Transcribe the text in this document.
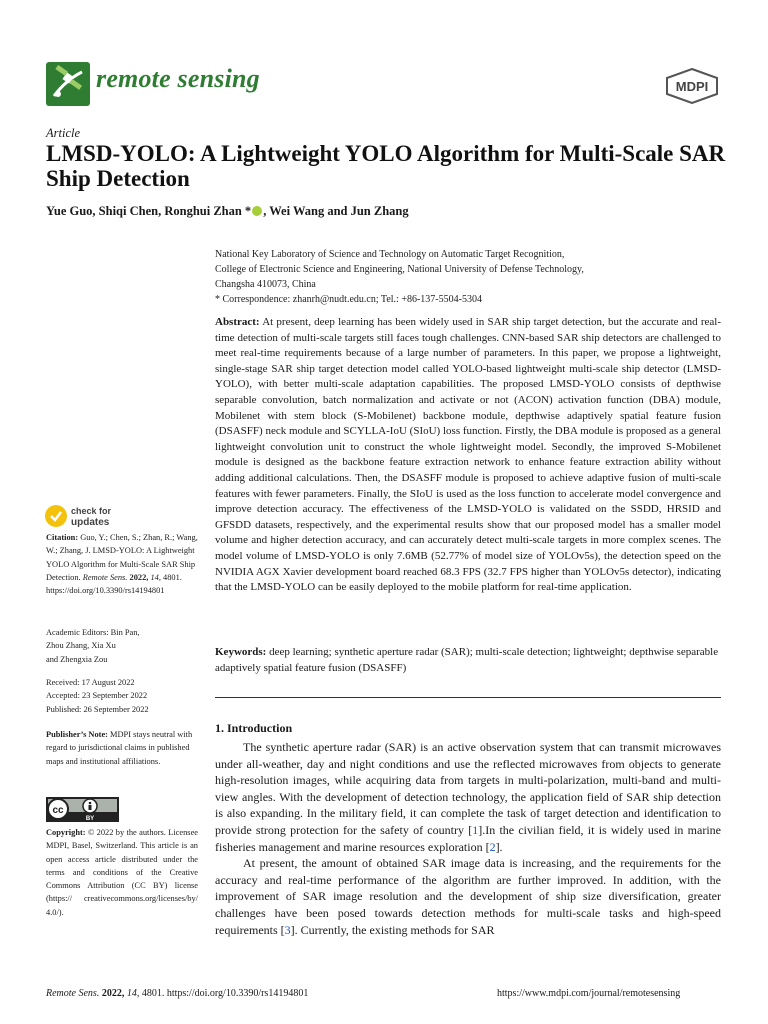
remote sensing	MDPI
Article
LMSD-YOLO: A Lightweight YOLO Algorithm for Multi-Scale SAR Ship Detection
Yue Guo, Shiqi Chen, Ronghui Zhan * , Wei Wang and Jun Zhang
National Key Laboratory of Science and Technology on Automatic Target Recognition,
College of Electronic Science and Engineering, National University of Defense Technology,
Changsha 410073, China
* Correspondence: zhanrh@nudt.edu.cn; Tel.: +86-137-5504-5304
Abstract: At present, deep learning has been widely used in SAR ship target detection, but the accurate and real-time detection of multi-scale targets still faces tough challenges. CNN-based SAR ship detectors are challenged to meet real-time requirements because of a large number of parameters. In this paper, we propose a lightweight, single-stage SAR ship target detection model called YOLO-based lightweight multi-scale ship detector (LMSD-YOLO), with better multi-scale adaptation capabilities. The proposed LMSD-YOLO consists of depthwise separable convolution, batch normalization and activate or not (ACON) activation function (DBA) module, Mobilenet with stem block (S-Mobilenet) backbone module, depthwise adaptively spatial feature fusion (DSASFF) neck module and SCYLLA-IoU (SIoU) loss function. Firstly, the DBA module is proposed as a general lightweight convolution unit to construct the whole lightweight model. Secondly, the improved S-Mobilenet module is designed as the backbone feature extraction network to enhance feature extraction ability without adding additional calculations. Then, the DSASFF module is proposed to achieve adaptive fusion of multi-scale features with fewer parameters. Finally, the SIoU is used as the loss function to accelerate model convergence and improve detection accuracy. The effectiveness of the LMSD-YOLO is validated on the SSDD, HRSID and GFSDD datasets, respectively, and the experimental results show that our proposed model has a smaller model volume and higher detection accuracy, and can accurately detect multi-scale targets in more complex scenes. The model volume of LMSD-YOLO is only 7.6MB (52.77% of model size of YOLOv5s), the detection speed on the NVIDIA AGX Xavier development board reached 68.3 FPS (32.7 FPS higher than YOLOv5s detector), indicating that the LMSD-YOLO can be easily deployed to the mobile platform for real-time application.
Keywords: deep learning; synthetic aperture radar (SAR); multi-scale detection; lightweight; depthwise separable adaptively spatial feature fusion (DSASFF)
1. Introduction

The synthetic aperture radar (SAR) is an active observation system that can transmit microwaves under all-weather, day and night conditions and use the reflected microwaves from objects to generate high-resolution images, while acquiring data from targets in multi-polarization, multi-band and multi-view angles. With the development of detection technology, the application field of SAR ship detection is also expanding. In the military field, it can complete the task of target detection and identification to provide strong protection for the safety of country [1].In the civilian field, it is widely used in marine fisheries management and marine resources exploration [2].

At present, the amount of obtained SAR image data is increasing, and the requirements for the accuracy and real-time performance of the algorithm are further improved. In addition, with the improvement of SAR image resolution and the development of ship size diversification, greater challenges have been posed towards detection methods for multi-scale tasks and high-speed requirements [3]. Currently, the existing methods for SAR

check for
updates
Citation: Guo, Y.; Chen, S.; Zhan, R.; Wang, W.; Zhang, J. LMSD-YOLO: A Lightweight YOLO Algorithm for Multi-Scale SAR Ship Detection. Remote Sens. 2022, 14, 4801. https://doi.org/10.3390/rs14194801
Academic Editors: Bin Pan,
Zhou Zhang, Xia Xu
and Zhengxia Zou
Received: 17 August 2022
Accepted: 23 September 2022
Published: 26 September 2022
Publisher’s Note: MDPI stays neutral with regard to jurisdictional claims in published maps and institutional affiliations.
cc
BY
Copyright: © 2022 by the authors. Licensee MDPI, Basel, Switzerland. This article is an open access article distributed under the terms and conditions of the Creative Commons Attribution (CC BY) license (https:// creativecommons.org/licenses/by/ 4.0/).
Remote Sens. 2022, 14, 4801. https://doi.org/10.3390/rs14194801	https://www.mdpi.com/journal/remotesensing
